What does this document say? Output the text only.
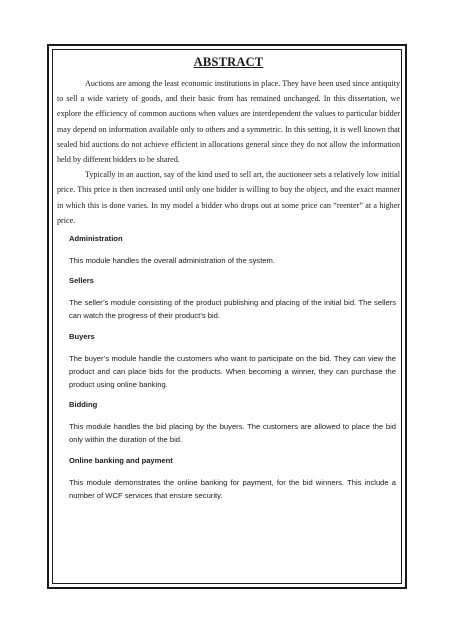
ABSTRACT

Auctions are among the least economic institutions in place. They have been used since antiquity to sell a wide variety of goods, and their basic from has remained unchanged. In this dissertation, we explore the efficiency of common auctions when values are interdependent the values to particular bidder may depend on information available only to others and a symmetric. In this setting, it is well known that sealed bid auctions do not achieve efficient in allocations general since they do not allow the information held by different bidders to be shared.

Typically in an auction, say of the kind used to sell art, the auctioneer sets a relatively low initial price. This price is then increased until only one bidder is willing to buy the object, and the exact manner in which this is done varies. In my model a bidder who drops out at some price can “reenter” at a higher price.

Administration
This module handles the overall administration of the system.
Sellers
The seller’s module consisting of the product publishing and placing of the initial bid. The sellers can watch the progress of their product’s bid.
Buyers
The buyer’s module handle the customers who want to participate on the bid. They can view the product and can place bids for the products. When becoming a winner, they can purchase the product using online banking.
Bidding
This module handles the bid placing by the buyers. The customers are allowed to place the bid only within the duration of the bid.
Online banking and payment
This module demonstrates the online banking for payment, for the bid winners. This include a number of WCF services that ensure security.
